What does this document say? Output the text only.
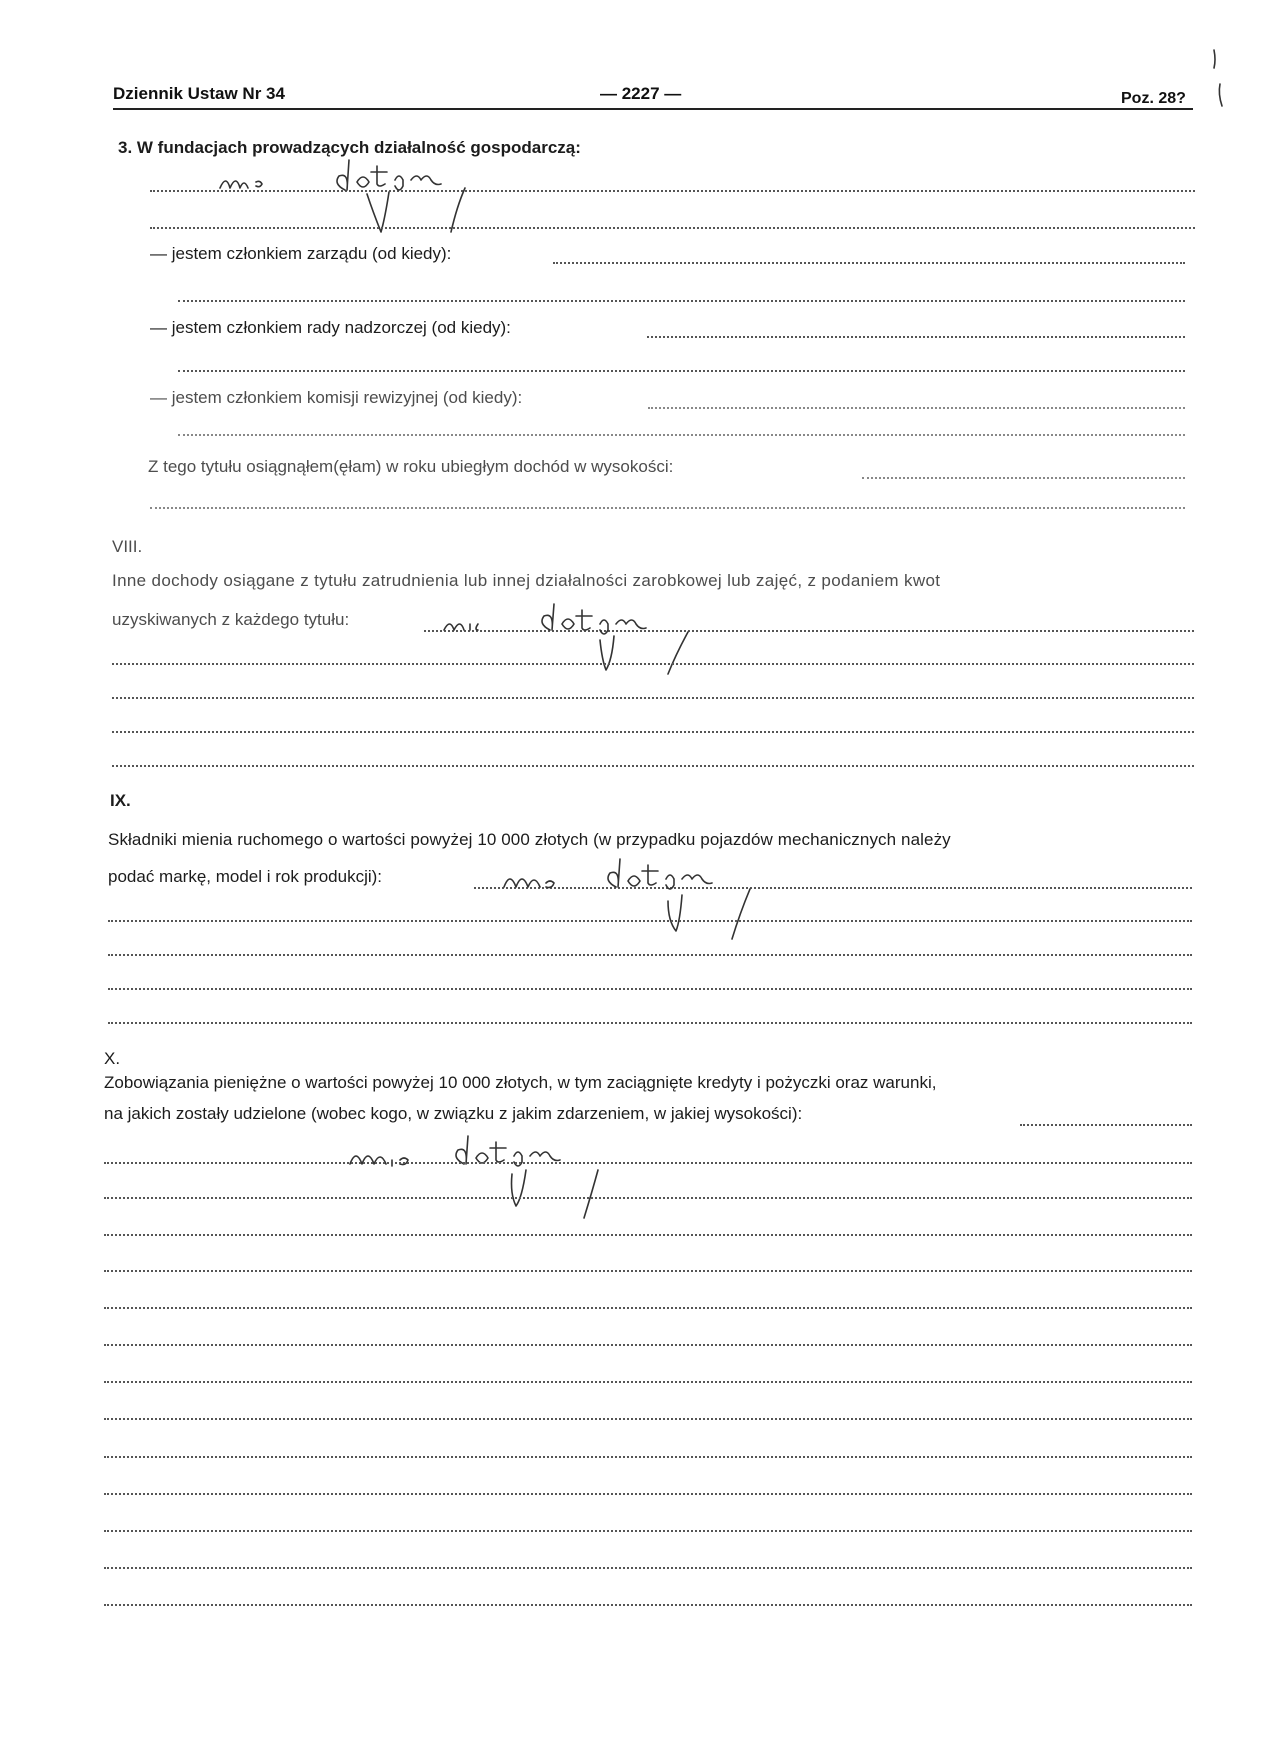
Dziennik Ustaw Nr 34	— 2227 —	Poz. 28?
3. W fundacjach prowadzących działalność gospodarczą:
— jestem członkiem zarządu (od kiedy):
— jestem członkiem rady nadzorczej (od kiedy):
— jestem członkiem komisji rewizyjnej (od kiedy):
Z tego tytułu osiągnąłem(ęłam) w roku ubiegłym dochód w wysokości:
VIII.
Inne dochody osiągane z tytułu zatrudnienia lub innej działalności zarobkowej lub zajęć, z podaniem kwot
uzyskiwanych z każdego tytułu:
IX.
Składniki mienia ruchomego o wartości powyżej 10 000 złotych (w przypadku pojazdów mechanicznych należy
podać markę, model i rok produkcji):
X.
Zobowiązania pieniężne o wartości powyżej 10 000 złotych, w tym zaciągnięte kredyty i pożyczki oraz warunki,
na jakich zostały udzielone (wobec kogo, w związku z jakim zdarzeniem, w jakiej wysokości):
